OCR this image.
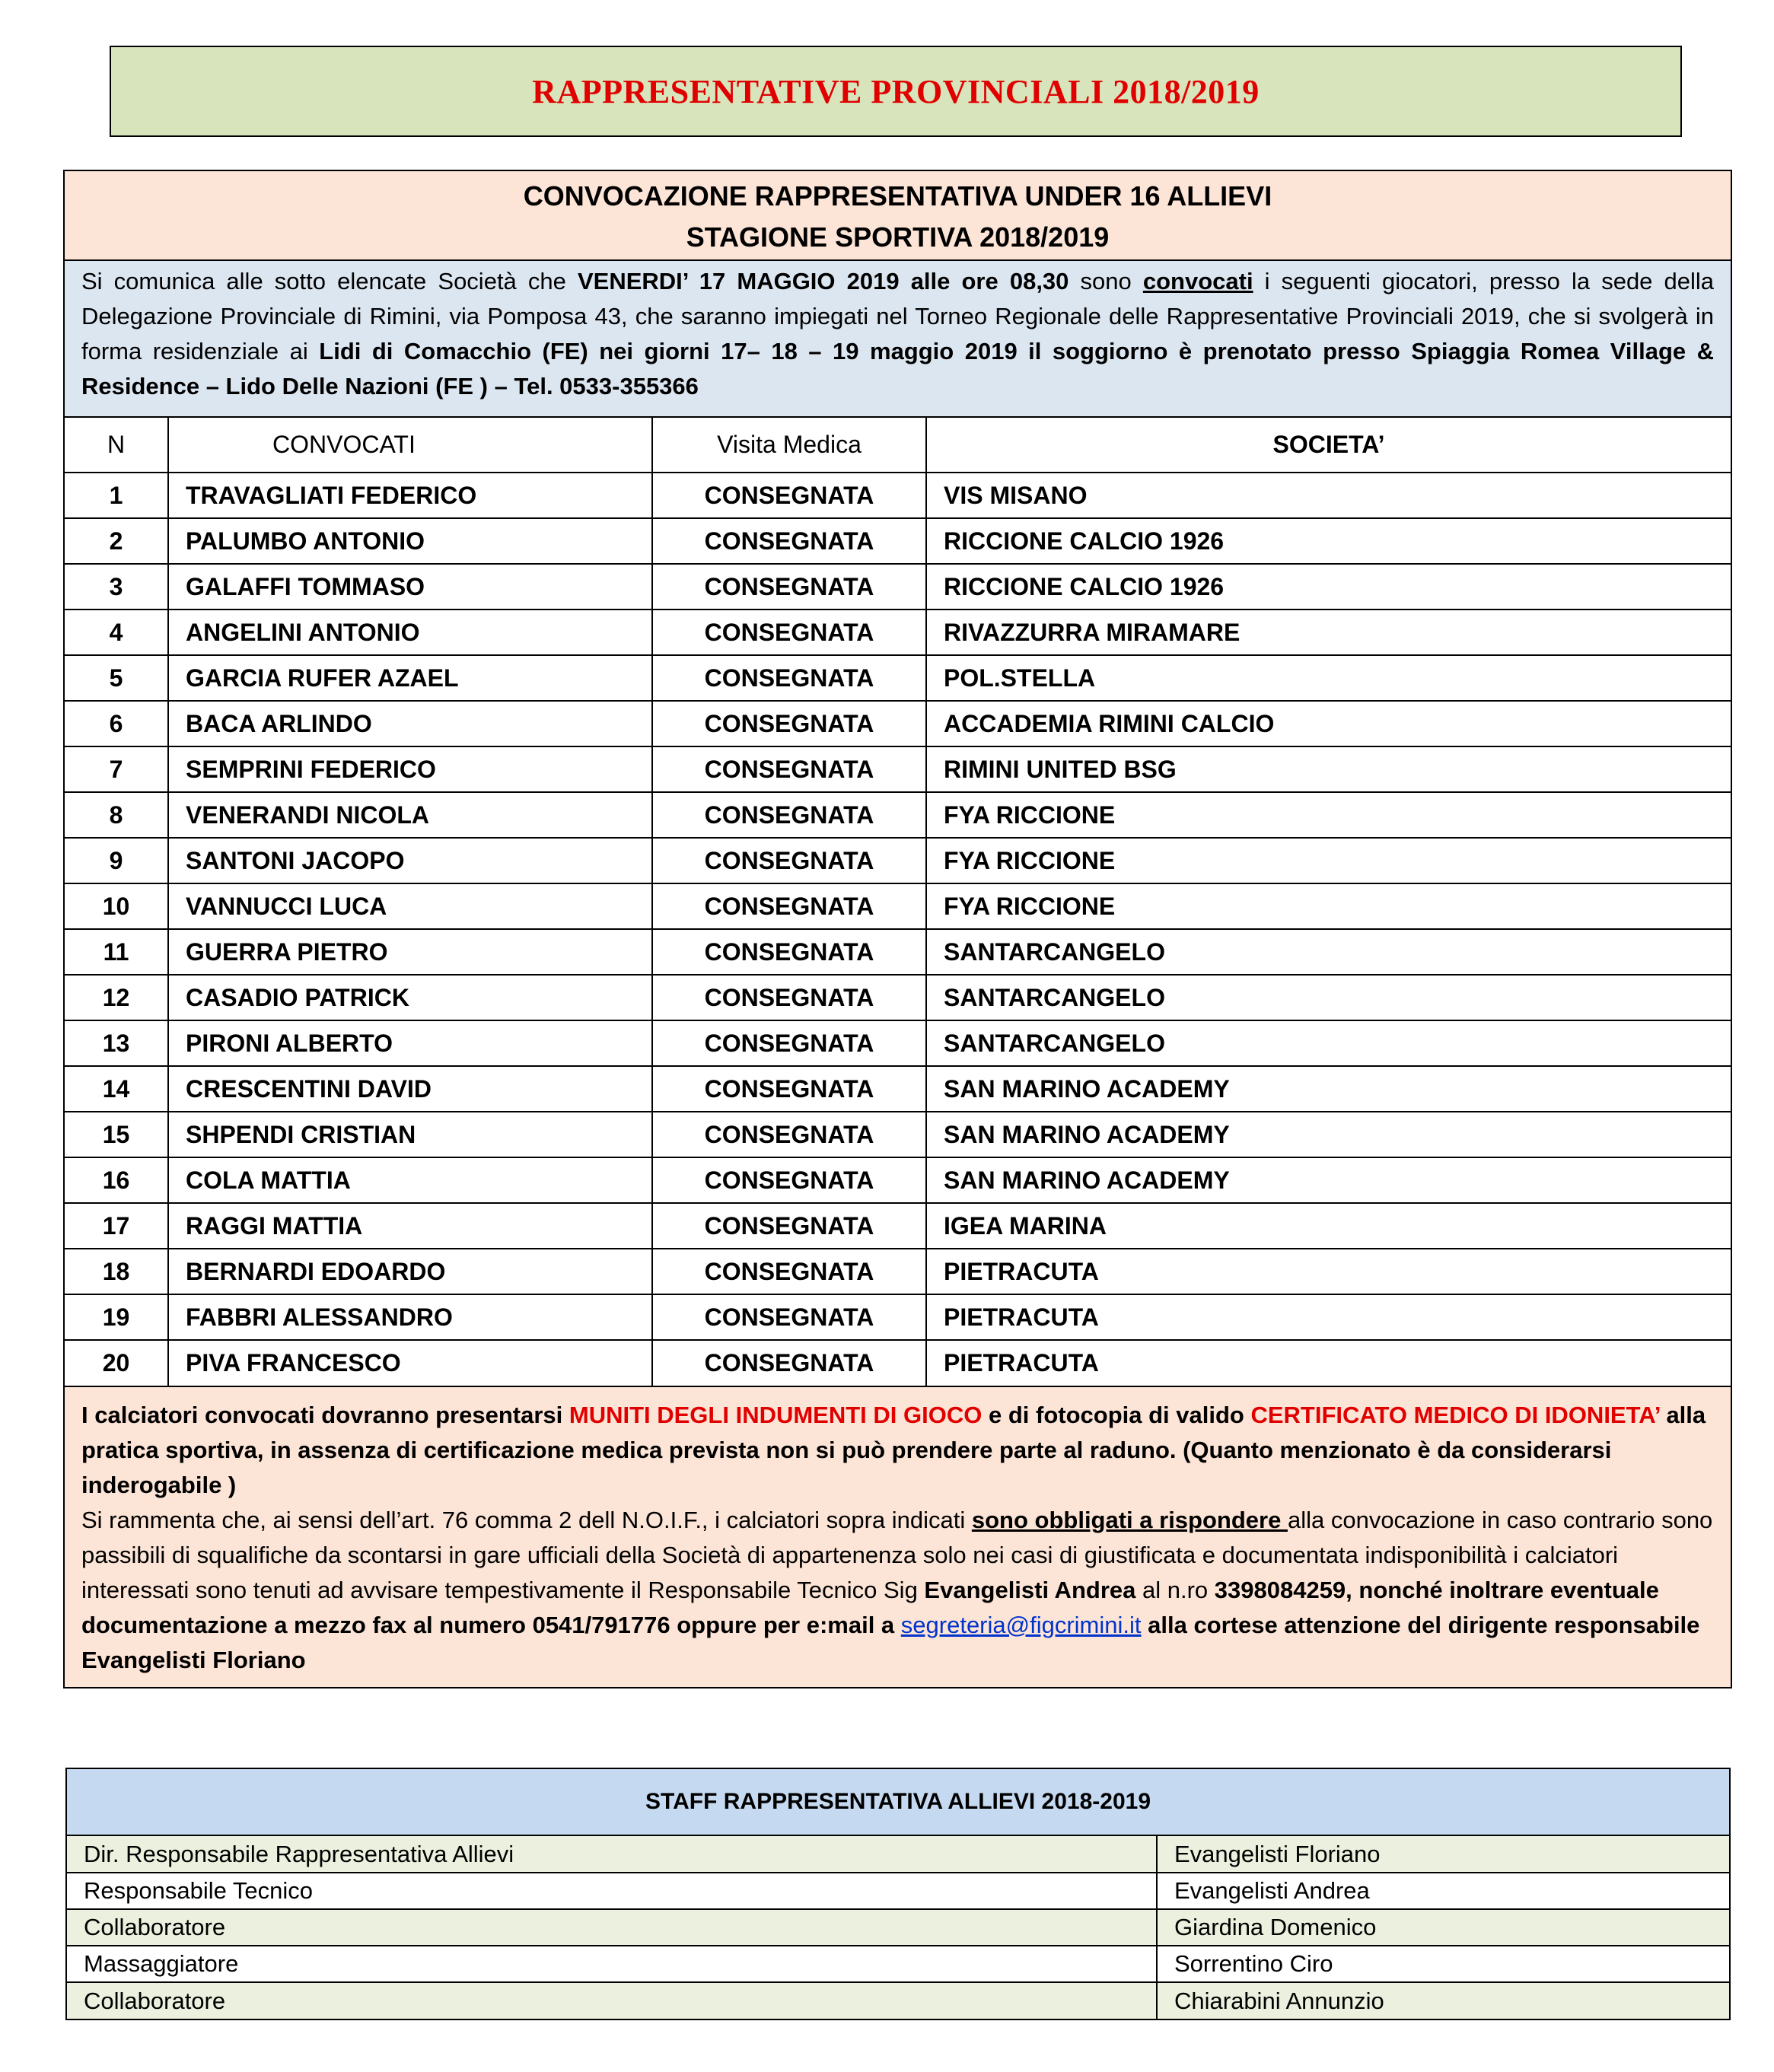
RAPPRESENTATIVE PROVINCIALI 2018/2019
CONVOCAZIONE RAPPRESENTATIVA UNDER 16 ALLIEVI
STAGIONE SPORTIVA 2018/2019
Si comunica alle sotto elencate Società che VENERDI’ 17 MAGGIO 2019 alle ore 08,30 sono convocati i seguenti giocatori, presso la sede della Delegazione Provinciale di Rimini, via Pomposa 43, che saranno impiegati nel Torneo Regionale delle Rappresentative Provinciali 2019, che si svolgerà in forma residenziale ai Lidi di Comacchio (FE) nei giorni 17– 18 – 19 maggio 2019 il soggiorno è prenotato presso Spiaggia Romea Village & Residence – Lido Delle Nazioni (FE ) – Tel. 0533-355366
N	CONVOCATI	Visita Medica	SOCIETA’
1	TRAVAGLIATI FEDERICO	CONSEGNATA	VIS MISANO
2	PALUMBO ANTONIO	CONSEGNATA	RICCIONE CALCIO 1926
3	GALAFFI TOMMASO	CONSEGNATA	RICCIONE CALCIO 1926
4	ANGELINI ANTONIO	CONSEGNATA	RIVAZZURRA MIRAMARE
5	GARCIA RUFER AZAEL	CONSEGNATA	POL.STELLA
6	BACA ARLINDO	CONSEGNATA	ACCADEMIA RIMINI CALCIO
7	SEMPRINI FEDERICO	CONSEGNATA	RIMINI UNITED BSG
8	VENERANDI NICOLA	CONSEGNATA	FYA RICCIONE
9	SANTONI JACOPO	CONSEGNATA	FYA RICCIONE
10	VANNUCCI LUCA	CONSEGNATA	FYA RICCIONE
11	GUERRA PIETRO	CONSEGNATA	SANTARCANGELO
12	CASADIO PATRICK	CONSEGNATA	SANTARCANGELO
13	PIRONI ALBERTO	CONSEGNATA	SANTARCANGELO
14	CRESCENTINI DAVID	CONSEGNATA	SAN MARINO ACADEMY
15	SHPENDI CRISTIAN	CONSEGNATA	SAN MARINO ACADEMY
16	COLA MATTIA	CONSEGNATA	SAN MARINO ACADEMY
17	RAGGI MATTIA	CONSEGNATA	IGEA MARINA
18	BERNARDI EDOARDO	CONSEGNATA	PIETRACUTA
19	FABBRI ALESSANDRO	CONSEGNATA	PIETRACUTA
20	PIVA FRANCESCO	CONSEGNATA	PIETRACUTA
I calciatori convocati dovranno presentarsi MUNITI DEGLI INDUMENTI DI GIOCO e di fotocopia di valido CERTIFICATO MEDICO DI IDONIETA’ alla pratica sportiva, in assenza di certificazione medica prevista non si può prendere parte al raduno. (Quanto menzionato è da considerarsi inderogabile )
Si rammenta che, ai sensi dell’art. 76 comma 2 dell N.O.I.F., i calciatori sopra indicati sono obbligati a rispondere alla convocazione in caso contrario sono passibili di squalifiche da scontarsi in gare ufficiali della Società di appartenenza solo nei casi di giustificata e documentata indisponibilità i calciatori interessati sono tenuti ad avvisare tempestivamente il Responsabile Tecnico Sig Evangelisti Andrea al n.ro 3398084259, nonché inoltrare eventuale documentazione a mezzo fax al numero 0541/791776 oppure per e:mail a segreteria@figcrimini.it alla cortese attenzione del dirigente responsabile Evangelisti Floriano
STAFF RAPPRESENTATIVA ALLIEVI 2018-2019
Dir. Responsabile Rappresentativa Allievi	Evangelisti Floriano
Responsabile Tecnico	Evangelisti Andrea
Collaboratore	Giardina Domenico
Massaggiatore	Sorrentino Ciro
Collaboratore	Chiarabini Annunzio
